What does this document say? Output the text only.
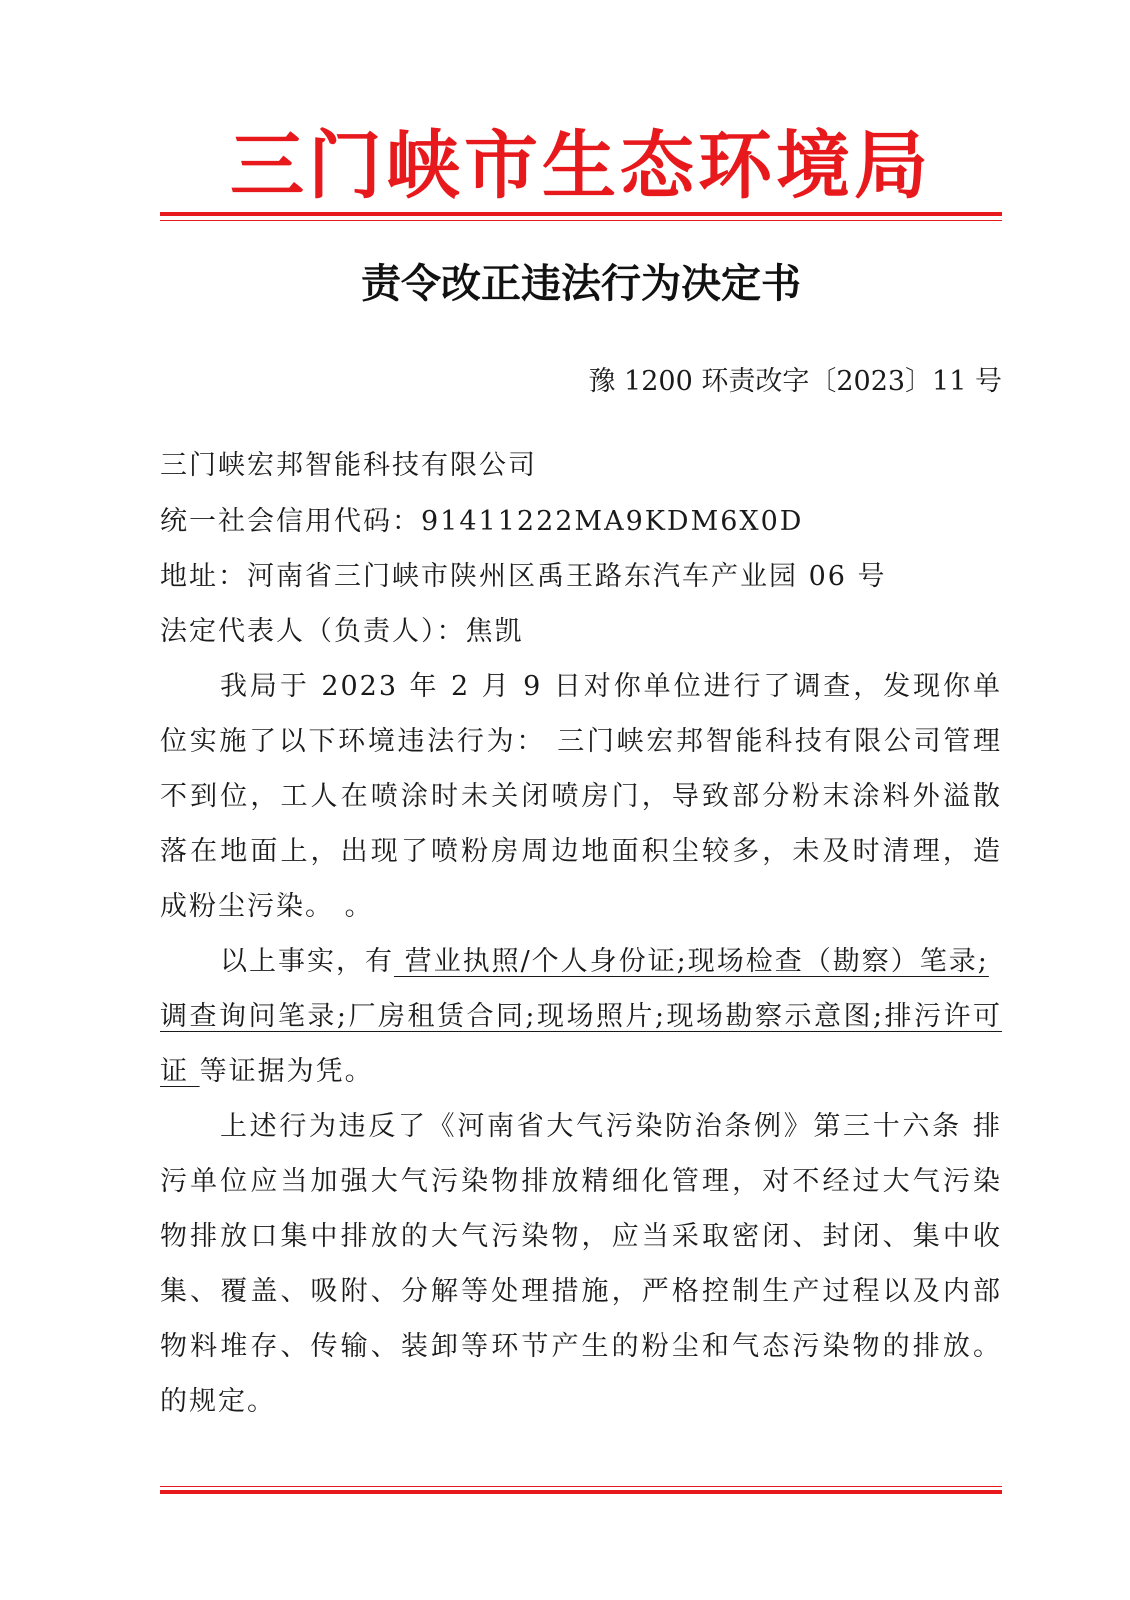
三门峡市生态环境局
责令改正违法行为决定书
豫 1200 环责改字〔2023〕11 号
三门峡宏邦智能科技有限公司
统一社会信用代码：91411222MA9KDM6X0D
地址：河南省三门峡市陕州区禹王路东汽车产业园 06 号
法定代表人（负责人）：焦凯
我局于 2023 年 2 月 9 日对你单位进行了调查，发现你单
位实施了以下环境违法行为： 三门峡宏邦智能科技有限公司管理
不到位，工人在喷涂时未关闭喷房门，导致部分粉末涂料外溢散
落在地面上，出现了喷粉房周边地面积尘较多，未及时清理，造
成粉尘污染。 。
以上事实，有 营业执照/个人身份证;现场检查（勘察）笔录;
调查询问笔录;厂房租赁合同;现场照片;现场勘察示意图;排污许可
证 等证据为凭。
上述行为违反了《河南省大气污染防治条例》第三十六条 排
污单位应当加强大气污染物排放精细化管理，对不经过大气污染
物排放口集中排放的大气污染物，应当采取密闭、封闭、集中收
集、覆盖、吸附、分解等处理措施，严格控制生产过程以及内部
物料堆存、传输、装卸等环节产生的粉尘和气态污染物的排放。
的规定。
